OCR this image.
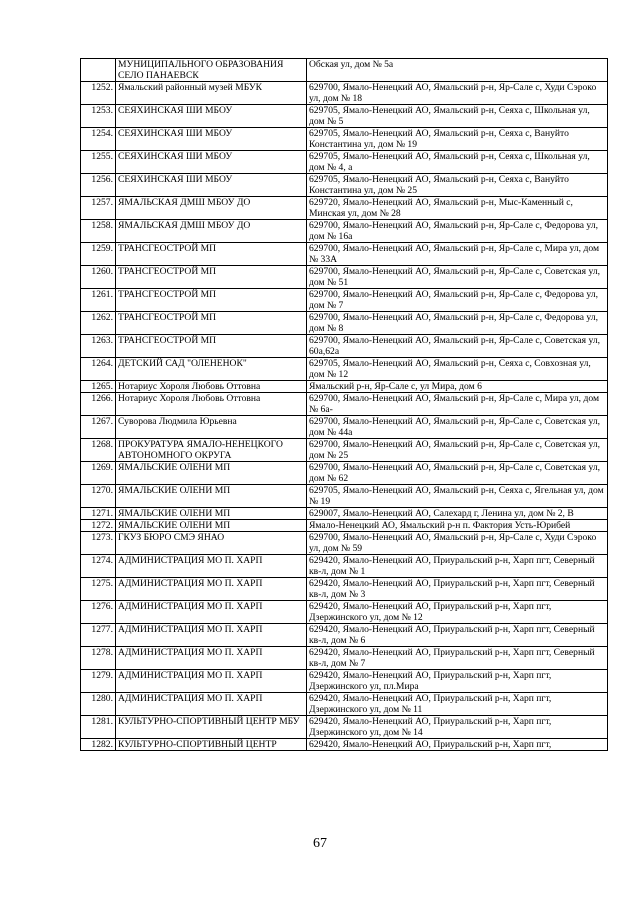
	МУНИЦИПАЛЬНОГО ОБРАЗОВАНИЯ СЕЛО ПАНАЕВСК	Обская ул, дом № 5а
1252.	Ямальский районный музей МБУК	629700, Ямало-Ненецкий АО, Ямальский р-н, Яр-Сале с, Худи Сэроко ул, дом № 18
1253.	СЕЯХИНСКАЯ ШИ МБОУ	629705, Ямало-Ненецкий АО, Ямальский р-н, Сеяха с, Школьная ул, дом № 5
1254.	СЕЯХИНСКАЯ ШИ МБОУ	629705, Ямало-Ненецкий АО, Ямальский р-н, Сеяха с, Вануйто Константина ул, дом № 19
1255.	СЕЯХИНСКАЯ ШИ МБОУ	629705, Ямало-Ненецкий АО, Ямальский р-н, Сеяха с, Школьная ул, дом № 4, а
1256.	СЕЯХИНСКАЯ ШИ МБОУ	629705, Ямало-Ненецкий АО, Ямальский р-н, Сеяха с, Вануйто Константина ул, дом № 25
1257.	ЯМАЛЬСКАЯ ДМШ МБОУ ДО	629720, Ямало-Ненецкий АО, Ямальский р-н, Мыс-Каменный с, Минская ул, дом № 28
1258.	ЯМАЛЬСКАЯ ДМШ МБОУ ДО	629700, Ямало-Ненецкий АО, Ямальский р-н, Яр-Сале с, Федорова ул, дом № 16а
1259.	ТРАНСГЕОСТРОЙ МП	629700, Ямало-Ненецкий АО, Ямальский р-н, Яр-Сале с, Мира ул, дом № 33А
1260.	ТРАНСГЕОСТРОЙ МП	629700, Ямало-Ненецкий АО, Ямальский р-н, Яр-Сале с, Советская ул, дом № 51
1261.	ТРАНСГЕОСТРОЙ МП	629700, Ямало-Ненецкий АО, Ямальский р-н, Яр-Сале с, Федорова ул, дом № 7
1262.	ТРАНСГЕОСТРОЙ МП	629700, Ямало-Ненецкий АО, Ямальский р-н, Яр-Сале с, Федорова ул, дом № 8
1263.	ТРАНСГЕОСТРОЙ МП	629700, Ямало-Ненецкий АО, Ямальский р-н, Яр-Сале с, Советская ул, 60а,62а
1264.	ДЕТСКИЙ САД "ОЛЕНЕНОК"	629705, Ямало-Ненецкий АО, Ямальский р-н, Сеяха с, Совхозная ул, дом № 12
1265.	Нотариус Хороля Любовь Оттовна	Ямальский р-н, Яр-Сале с, ул Мира, дом 6
1266.	Нотариус Хороля Любовь Оттовна	629700, Ямало-Ненецкий АО, Ямальский р-н, Яр-Сале с, Мира ул, дом № 6а-
1267.	Суворова Людмила Юрьевна	629700, Ямало-Ненецкий АО, Ямальский р-н, Яр-Сале с, Советская ул, дом № 44а
1268.	ПРОКУРАТУРА ЯМАЛО-НЕНЕЦКОГО АВТОНОМНОГО ОКРУГА	629700, Ямало-Ненецкий АО, Ямальский р-н, Яр-Сале с, Советская ул, дом № 25
1269.	ЯМАЛЬСКИЕ ОЛЕНИ МП	629700, Ямало-Ненецкий АО, Ямальский р-н, Яр-Сале с, Советская ул, дом № 62
1270.	ЯМАЛЬСКИЕ ОЛЕНИ МП	629705, Ямало-Ненецкий АО, Ямальский р-н, Сеяха с, Ягельная ул, дом № 19
1271.	ЯМАЛЬСКИЕ ОЛЕНИ МП	629007, Ямало-Ненецкий АО, Салехард г, Ленина ул, дом № 2, В
1272.	ЯМАЛЬСКИЕ ОЛЕНИ МП	Ямало-Ненецкий АО, Ямальский р-н п. Фактория Усть-Юрибей
1273.	ГКУЗ БЮРО СМЭ ЯНАО	629700, Ямало-Ненецкий АО, Ямальский р-н, Яр-Сале с, Худи Сэроко ул, дом № 59
1274.	АДМИНИСТРАЦИЯ МО П. ХАРП	629420, Ямало-Ненецкий АО, Приуральский р-н, Харп пгт, Северный кв-л, дом № 1
1275.	АДМИНИСТРАЦИЯ МО П. ХАРП	629420, Ямало-Ненецкий АО, Приуральский р-н, Харп пгт, Северный кв-л, дом № 3
1276.	АДМИНИСТРАЦИЯ МО П. ХАРП	629420, Ямало-Ненецкий АО, Приуральский р-н, Харп пгт, Дзержинского ул, дом № 12
1277.	АДМИНИСТРАЦИЯ МО П. ХАРП	629420, Ямало-Ненецкий АО, Приуральский р-н, Харп пгт, Северный кв-л, дом № 6
1278.	АДМИНИСТРАЦИЯ МО П. ХАРП	629420, Ямало-Ненецкий АО, Приуральский р-н, Харп пгт, Северный кв-л, дом № 7
1279.	АДМИНИСТРАЦИЯ МО П. ХАРП	629420, Ямало-Ненецкий АО, Приуральский р-н, Харп пгт, Дзержинского ул, пл.Мира
1280.	АДМИНИСТРАЦИЯ МО П. ХАРП	629420, Ямало-Ненецкий АО, Приуральский р-н, Харп пгт, Дзержинского ул, дом № 11
1281.	КУЛЬТУРНО-СПОРТИВНЫЙ ЦЕНТР МБУ	629420, Ямало-Ненецкий АО, Приуральский р-н, Харп пгт, Дзержинского ул, дом № 14
1282.	КУЛЬТУРНО-СПОРТИВНЫЙ ЦЕНТР	629420, Ямало-Ненецкий АО, Приуральский р-н, Харп пгт,
67
